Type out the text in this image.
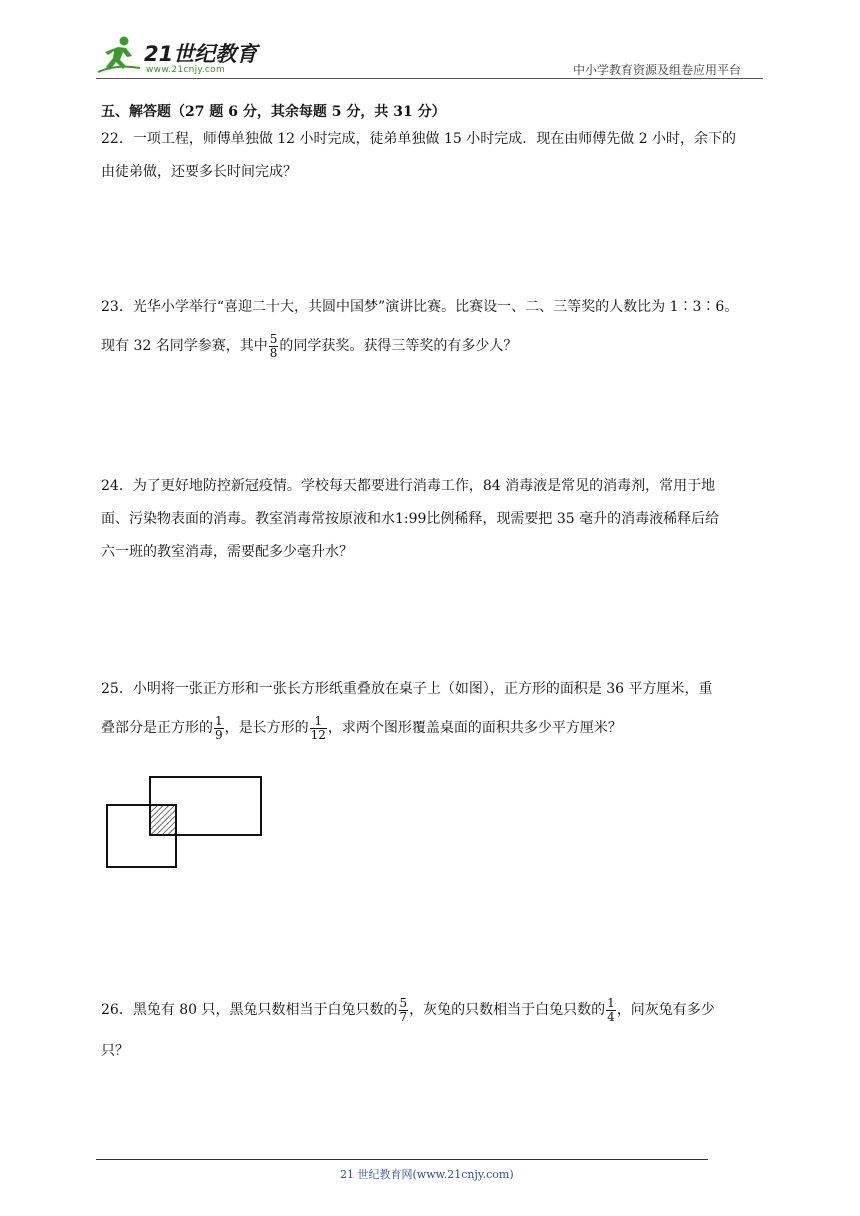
21世纪教育
www.21cnjy.com	中小学教育资源及组卷应用平台
五、解答题（27 题 6 分，其余每题 5 分，共 31 分）
22．一项工程，师傅单独做 12 小时完成，徒弟单独做 15 小时完成．现在由师傅先做 2 小时，余下的
由徒弟做，还要多长时间完成？
23．光华小学举行“喜迎二十大，共圆中国梦”演讲比赛。比赛设一、二、三等奖的人数比为 1∶3∶6。
现有 32 名同学参赛，其中 $\frac{5}{8}$ 的同学获奖。获得三等奖的有多少人？
24．为了更好地防控新冠疫情。学校每天都要进行消毒工作，84 消毒液是常见的消毒剂，常用于地
面、污染物表面的消毒。教室消毒常按原液和水1:99比例稀释，现需要把 35 毫升的消毒液稀释后给
六一班的教室消毒，需要配多少毫升水？
25．小明将一张正方形和一张长方形纸重叠放在桌子上（如图），正方形的面积是 36 平方厘米，重
叠部分是正方形的 $\frac{1}{9}$ ，是长方形的 $\frac{1}{12}$ ，求两个图形覆盖桌面的面积共多少平方厘米？
26．黑兔有 80 只，黑兔只数相当于白兔只数的 $\frac{5}{7}$ ，灰兔的只数相当于白兔只数的 $\frac{1}{4}$ ，问灰兔有多少
只？
21 世纪教育网(www.21cnjy.com)
